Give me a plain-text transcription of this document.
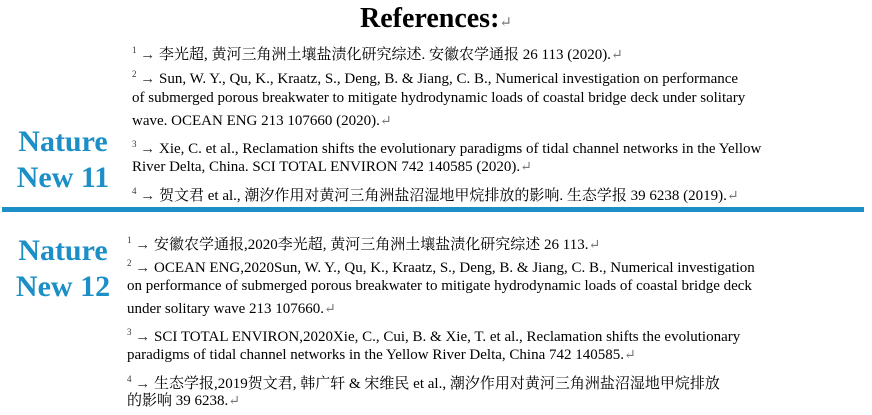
References:↵
Nature
New 11
Nature
New 12
$^1$ → 李光超, 黄河三角洲土壤盐渍化研究综述. 安徽农学通报 26 113 (2020).↵
$^2$ → Sun, W. Y., Qu, K., Kraatz, S., Deng, B. & Jiang, C. B., Numerical investigation on performance
of submerged porous breakwater to mitigate hydrodynamic loads of coastal bridge deck under solitary
wave. OCEAN ENG 213 107660 (2020).↵
$^3$ → Xie, C. et al., Reclamation shifts the evolutionary paradigms of tidal channel networks in the Yellow
River Delta, China. SCI TOTAL ENVIRON 742 140585 (2020).↵
$^4$ → 贺文君 et al., 潮汐作用对黄河三角洲盐沼湿地甲烷排放的影响. 生态学报 39 6238 (2019).↵
$^1$ → 安徽农学通报,2020李光超, 黄河三角洲土壤盐渍化研究综述 26 113.↵
$^2$ → OCEAN ENG,2020Sun, W. Y., Qu, K., Kraatz, S., Deng, B. & Jiang, C. B., Numerical investigation
on performance of submerged porous breakwater to mitigate hydrodynamic loads of coastal bridge deck
under solitary wave 213 107660.↵
$^3$ → SCI TOTAL ENVIRON,2020Xie, C., Cui, B. & Xie, T. et al., Reclamation shifts the evolutionary
paradigms of tidal channel networks in the Yellow River Delta, China 742 140585.↵
$^4$ → 生态学报,2019贺文君, 韩广轩 & 宋维民 et al., 潮汐作用对黄河三角洲盐沼湿地甲烷排放
的影响 39 6238.↵
